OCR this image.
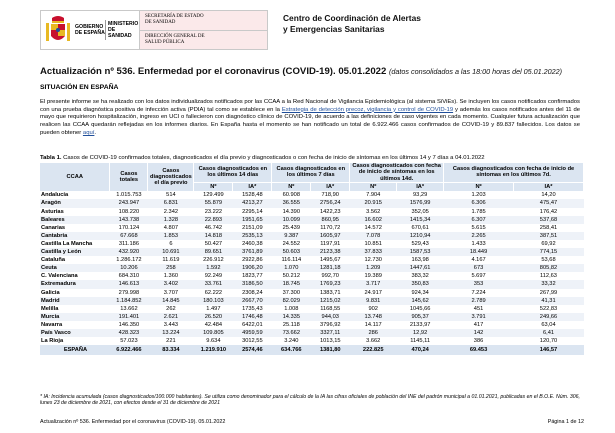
GOBIERNO
DE ESPAÑA
MINISTERIO
DE SANIDAD
SECRETARÍA DE ESTADO
DE SANIDAD
DIRECCIÓN GENERAL DE
SALUD PÚBLICA
Centro de Coordinación de Alertas
y Emergencias Sanitarias
Actualización nº 536. Enfermedad por el coronavirus (COVID-19). 05.01.2022 (datos consolidados a las 18:00 horas del 05.01.2022)
SITUACIÓN EN ESPAÑA

El presente informe se ha realizado con los datos individualizados notificados por las CCAA a la Red Nacional de Vigilancia Epidemiológica (al sistema SiViEs). Se incluyen los casos notificados confirmados con una prueba diagnóstica positiva de infección activa (PDIA) tal como se establece en la Estrategia de detección precoz, vigilancia y control de COVID-19 y además los casos notificados antes del 11 de mayo que requirieron hospitalización, ingreso en UCI o fallecieron con diagnóstico clínico de COVID-19, de acuerdo a las definiciones de caso vigentes en cada momento. Cualquier futura actualización que realicen las CCAA quedarán reflejadas en los informes diarios. En España hasta el momento se han notificado un total de 6.922.466 casos confirmados de COVID-19 y 89.837 fallecidos. Los datos se pueden obtener aquí.

Tabla 1. Casos de COVID-19 confirmados totales, diagnosticados el día previo y diagnosticados o con fecha de inicio de síntomas en los últimos 14 y 7 días a 04.01.2022
CCAA	Casos totales	Casos diagnosticados el día previo	Casos diagnosticados en los últimos 14 días		Casos diagnosticados en los últimos 7 días		Casos diagnosticados con fecha de inicio de síntomas en los últimos 14d.		Casos diagnosticados con fecha de inicio de síntomas en los últimos 7d.	
			Nº	IA*	Nº	IA*	Nº	IA*	Nº	IA*
Andalucía	1.015.753	514	129.499	1528,48	60.908	718,90	7.904	93,29	1.203	14,20
Aragón	243.947	6.831	55.879	4213,27	36.555	2756,24	20.915	1576,99	6.306	475,47
Asturias	108.220	2.342	23.222	2295,14	14.390	1422,23	3.562	352,05	1.785	176,42
Baleares	143.738	1.328	22.893	1951,65	10.099	860,95	16.602	1415,34	6.307	537,68
Canarias	170.124	4.807	46.742	2151,09	25.439	1170,72	14.572	670,61	5.615	258,41
Cantabria	67.668	1.853	14.818	2535,13	9.387	1605,97	7.078	1210,94	2.265	387,51
Castilla La Mancha	311.186	6	50.427	2460,38	24.552	1197,91	10.851	529,43	1.433	69,92
Castilla y León	432.920	10.691	89.651	3761,89	50.603	2123,38	37.833	1587,53	18.449	774,15
Cataluña	1.286.172	11.619	226.912	2922,86	116.114	1495,67	12.730	163,98	4.167	53,68
Ceuta	10.206	258	1.592	1906,20	1.070	1281,18	1.209	1447,61	673	805,82
C. Valenciana	684.310	1.360	92.249	1823,77	50.212	992,70	19.389	383,32	5.697	112,63
Extremadura	146.613	3.402	33.761	3186,50	18.745	1769,23	3.717	350,83	353	33,32
Galicia	279.998	3.707	62.222	2308,24	37.300	1383,71	24.917	924,34	7.224	267,99
Madrid	1.184.852	14.845	180.103	2667,70	82.029	1215,02	9.831	145,62	2.789	41,31
Melilla	13.662	262	1.497	1735,43	1.008	1168,55	902	1045,66	451	522,83
Murcia	191.401	2.621	26.520	1746,48	14.335	944,03	13.748	905,37	3.791	249,66
Navarra	146.350	3.443	42.484	6422,01	25.118	3796,92	14.117	2133,97	417	63,04
País Vasco	428.323	13.224	109.805	4959,59	73.662	3327,11	286	12,92	142	6,41
La Rioja	57.023	221	9.634	3012,55	3.240	1013,15	3.662	1145,11	386	120,70
ESPAÑA	6.922.466	83.334	1.219.910	2574,46	634.766	1381,80	222.825	470,24	69.453	146,57

* IA: Incidencia acumulada (casos diagnosticados/100.000 habitantes). Se utiliza como denominador para el cálculo de la IA las cifras oficiales de población del INE del padrón municipal a 01.01.2021, publicadas en el B.O.E. Núm. 306, lunes 23 de diciembre de 2021, con efectos desde el 31 de diciembre de 2021

Actualización nº 536. Enfermedad por el coronavirus (COVID-19). 05.01.2022	Página 1 de 12
